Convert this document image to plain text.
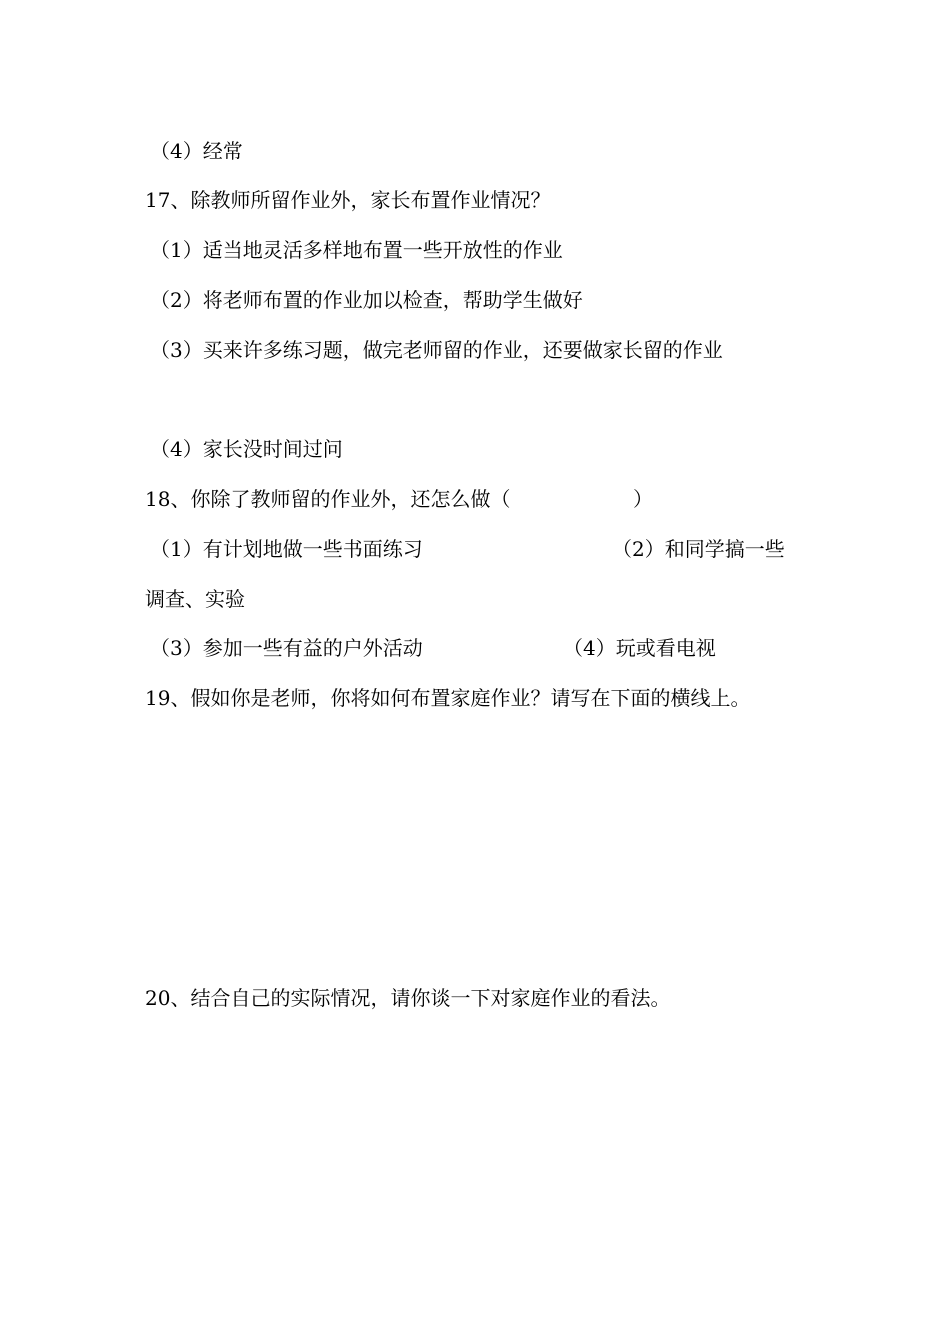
（4）经常
17、除教师所留作业外，家长布置作业情况？
（1）适当地灵活多样地布置一些开放性的作业
（2）将老师布置的作业加以检查，帮助学生做好
（3）买来许多练习题，做完老师留的作业，还要做家长留的作业
（4）家长没时间过问
18、你除了教师留的作业外，还怎么做（	）
（1）有计划地做一些书面练习	（2）和同学搞一些
调查、实验
（3）参加一些有益的户外活动	（4）玩或看电视
19、假如你是老师，你将如何布置家庭作业？请写在下面的横线上。
20、结合自己的实际情况，请你谈一下对家庭作业的看法。
